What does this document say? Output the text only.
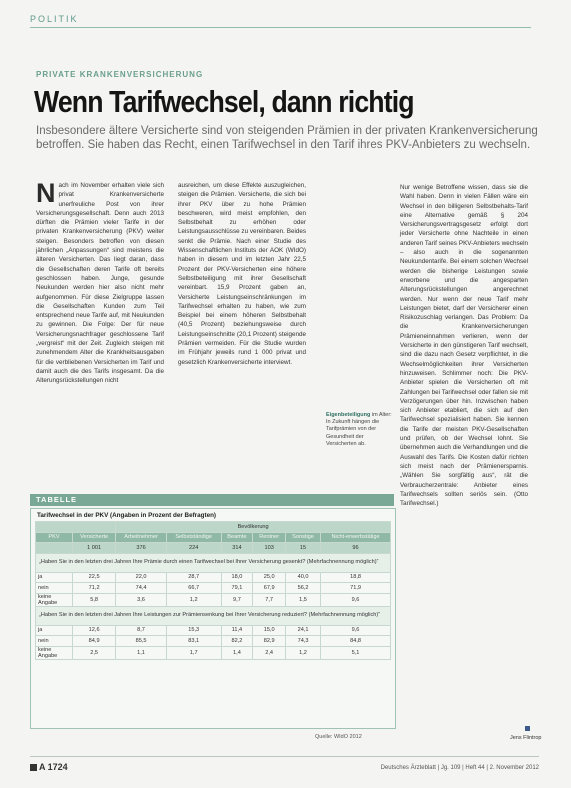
POLITIK
PRIVATE KRANKENVERSICHERUNG
Wenn Tarifwechsel, dann richtig
Insbesondere ältere Versicherte sind von steigenden Prämien in der privaten Krankenversicherung betroffen. Sie haben das Recht, einen Tarifwechsel in den Tarif ihres PKV-Anbieters zu wechseln.
N ach im November erhalten viele sich privat Krankenversicherte unerfreuliche Post von ihrer Versicherungsgesellschaft. Denn auch 2013 dürften die Prämien vieler Tarife in der privaten Krankenversicherung (PKV) weiter steigen. Besonders betroffen von diesen jährlichen „Anpassungen“ sind meistens die älteren Versicherten. Das liegt daran, dass die Gesellschaften deren Tarife oft bereits geschlossen haben. Junge, gesunde Neukunden werden hier also nicht mehr aufgenommen. Für diese Zielgruppe lassen die Gesellschaften Kunden zum Teil entsprechend neue Tarife auf, mit Neukunden zu gewinnen. Die Folge: Der für neue Versicherungsnachfrager geschlossene Tarif „vergreist“ mit der Zeit. Zugleich steigen mit zunehmendem Alter die Krankheitsausgaben für die verbliebenen Versicherten im Tarif und damit auch die des Tarifs insgesamt. Da die Alterungsrückstellungen nicht

ausreichen, um diese Effekte auszugleichen, steigen die Prämien. Versicherte, die sich bei ihrer PKV über zu hohe Prämien beschweren, wird meist empfohlen, den Selbstbehalt zu erhöhen oder Leistungsausschlüsse zu vereinbaren. Beides senkt die Prämie. Nach einer Studie des Wissenschaftlichen Instituts der AOK (WIdO) haben in diesem und im letzten Jahr 22,5 Prozent der PKV-Versicherten eine höhere Selbstbeteiligung mit ihrer Gesellschaft vereinbart. 15,9 Prozent gaben an, Versicherte Leistungseinschränkungen im Tarifwechsel erhalten zu haben, wie zum Beispiel bei einem höheren Selbstbehalt (40,5 Prozent) beziehungsweise durch Leistungseinschnitte (20,1 Prozent) steigende Prämien vermeiden. Für die Studie wurden im Frühjahr jeweils rund 1 000 privat und gesetzlich Krankenversicherte interviewt.

Nur wenige Betroffene wissen, dass sie die Wahl haben. Denn in vielen Fällen wäre ein Wechsel in den billigeren Selbstbehalts-Tarif eine Alternative gemäß § 204 Versicherungsvertragsgesetz erfolgt dort jeder Versicherte ohne Nachteile in einen anderen Tarif seines PKV-Anbieters wechseln – also auch in die sogenannten Neukundentarife. Bei einem solchen Wechsel werden die bisherige Leistungen sowie erworbene und die angesparten Alterungsrückstellungen angerechnet werden. Nur wenn der neue Tarif mehr Leistungen bietet, darf der Versicherer einen Risikozuschlag verlangen. Das Problem: Da die Krankenversicherungen Prämieneinnahmen verlieren, wenn der Versicherte in den günstigeren Tarif wechselt, sind die dazu nach Gesetz verpflichtet, in die Wechselmöglichkeiten ihrer Versicherten hinzuweisen. Schlimmer noch: Die PKV-Anbieter spielen die Versicherten oft mit Zahlungen bei Tarifwechsel oder fallen sie mit Verzögerungen über hin. Inzwischen haben sich Anbieter etabliert, die sich auf den Tarifwechsel spezialisiert haben. Sie kennen die Tarife der meisten PKV-Gesellschaften und prüfen, ob der Wechsel lohnt. Sie übernehmen auch die Verhandlungen und die Auswahl des Tarifs. Die Kosten dafür richten sich meist nach der Prämienersparnis. „Wählen Sie sorgfältig aus“, rät die Verbraucherzentrale: Anbieter eines Tarifwechsels sollten seriös sein. (Otto Tarifwechsel.)

Eigenbeteiligung im Alter: In Zukunft hängen die Tarifprämien von der Gesundheit der Versicherten ab.
TABELLE
Tarifwechsel in der PKV (Angaben in Prozent der Befragten)
		Bevölkerung					
PKV	Versicherte	Arbeitnehmer	Selbstständige	Beamte	Rentner	Sonstige	Nicht-erwerbstätige
	1 001	376	224	314	103	15	96
„Haben Sie in den letzten drei Jahren Ihre Prämie durch einen Tarifwechsel bei Ihrer Versicherung gesenkt? (Mehrfachnennung möglich)“							
ja	22,5	22,0	28,7	18,0	25,0	40,0	18,8
nein	71,2	74,4	66,7	79,1	67,9	56,2	71,9
keine Angabe	5,8	3,6	1,2	9,7	7,7	1,5	9,6
„Haben Sie in den letzten drei Jahren Ihre Leistungen zur Prämiensenkung bei Ihrer Versicherung reduziert? (Mehrfachnennung möglich)“							
ja	12,6	8,7	15,3	11,4	15,0	24,1	9,6
nein	84,9	85,5	83,1	82,2	82,9	74,3	84,8
keine Angabe	2,5	1,1	1,7	1,4	2,4	1,2	5,1
Quelle: WIdO 2012	Jens Flintrop
A 1724	Deutsches Ärzteblatt | Jg. 109 | Heft 44 | 2. November 2012
